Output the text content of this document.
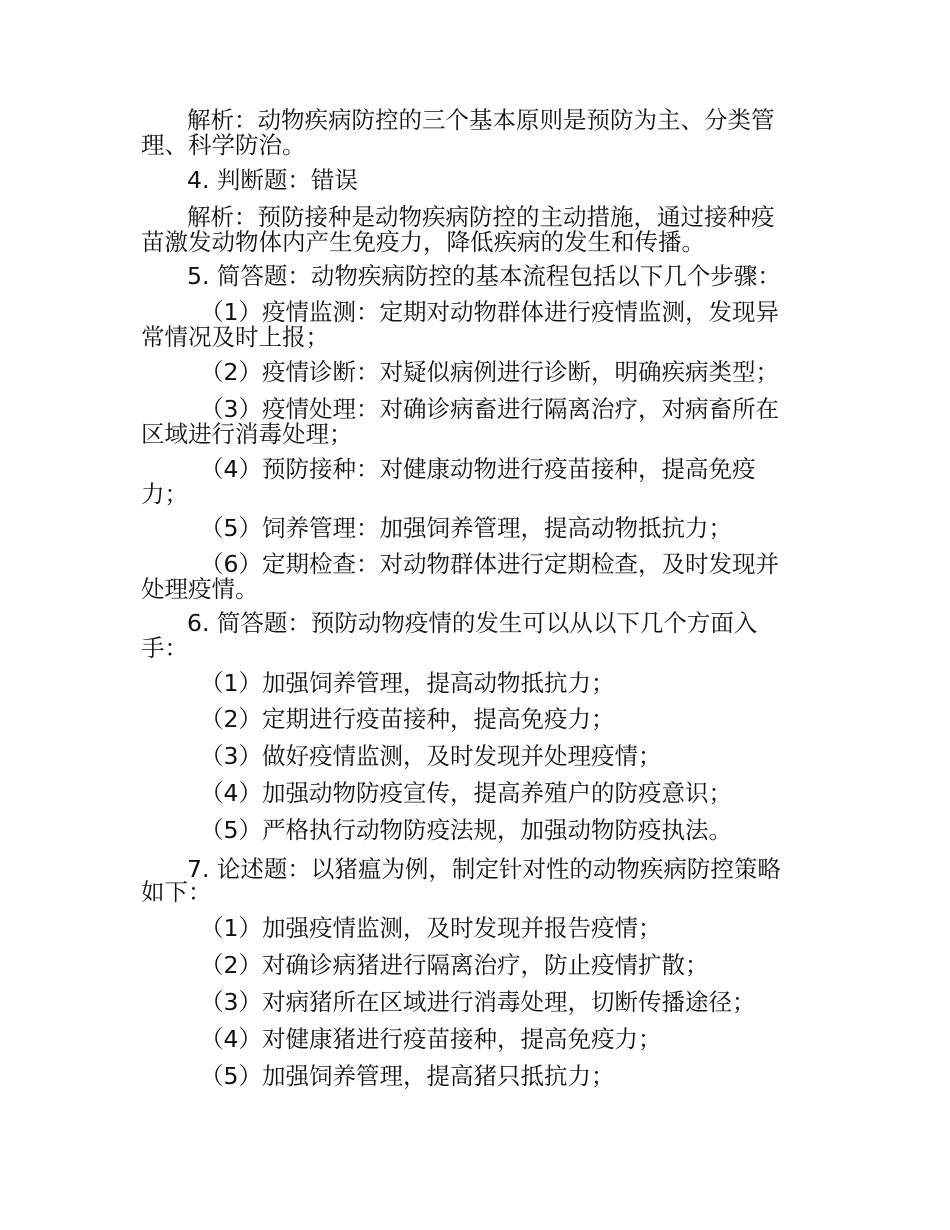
解析：动物疾病防控的三个基本原则是预防为主、分类管

理、科学防治。

4. 判断题：错误

解析：预防接种是动物疾病防控的主动措施，通过接种疫

苗激发动物体内产生免疫力，降低疾病的发生和传播。

5. 简答题：动物疾病防控的基本流程包括以下几个步骤：

（1）疫情监测：定期对动物群体进行疫情监测，发现异

常情况及时上报；

（2）疫情诊断：对疑似病例进行诊断，明确疾病类型；

（3）疫情处理：对确诊病畜进行隔离治疗，对病畜所在

区域进行消毒处理；

（4）预防接种：对健康动物进行疫苗接种，提高免疫

力；

（5）饲养管理：加强饲养管理，提高动物抵抗力；

（6）定期检查：对动物群体进行定期检查，及时发现并

处理疫情。

6. 简答题：预防动物疫情的发生可以从以下几个方面入

手：

（1）加强饲养管理，提高动物抵抗力；

（2）定期进行疫苗接种，提高免疫力；

（3）做好疫情监测，及时发现并处理疫情；

（4）加强动物防疫宣传，提高养殖户的防疫意识；

（5）严格执行动物防疫法规，加强动物防疫执法。

7. 论述题：以猪瘟为例，制定针对性的动物疾病防控策略

如下：

（1）加强疫情监测，及时发现并报告疫情；

（2）对确诊病猪进行隔离治疗，防止疫情扩散；

（3）对病猪所在区域进行消毒处理，切断传播途径；

（4）对健康猪进行疫苗接种，提高免疫力；

（5）加强饲养管理，提高猪只抵抗力；
